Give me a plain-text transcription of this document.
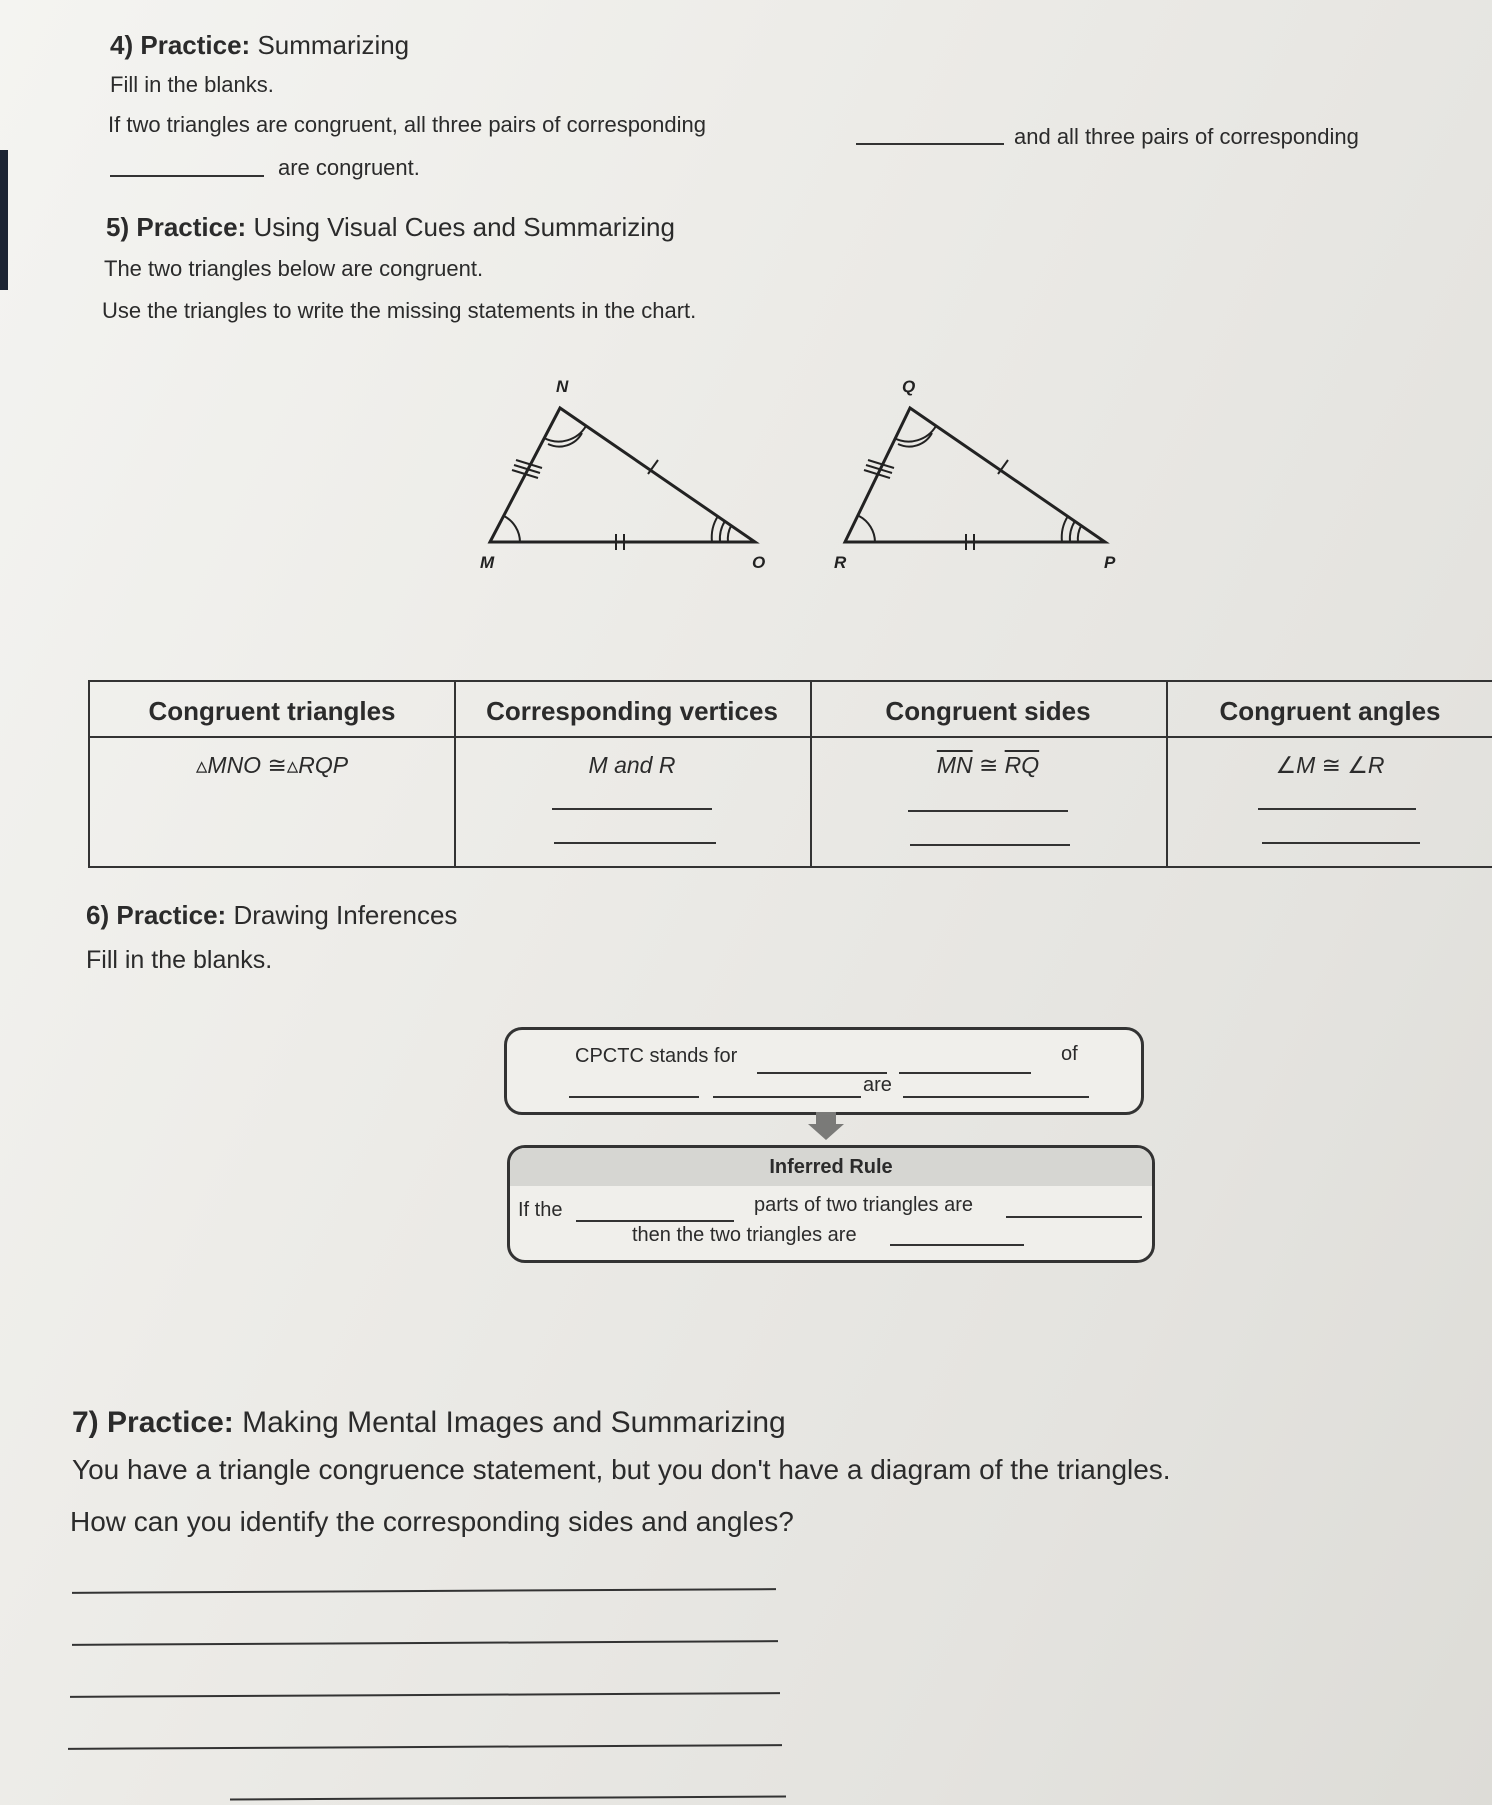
4) Practice: Summarizing
Fill in the blanks.
If two triangles are congruent, all three pairs of corresponding	and all three pairs of corresponding
are congruent.
5) Practice: Using Visual Cues and Summarizing
The two triangles below are congruent.
Use the triangles to write the missing statements in the chart.
N
M	O
Q
R	P
Congruent triangles	Corresponding vertices	Congruent sides	Congruent angles
▵MNO ≅▵RQP	M and R	$\overline{MN}$ ≅ $\overline{RQ}$	∠M ≅ ∠R
6) Practice: Drawing Inferences
Fill in the blanks.
CPCTC stands for	of
are
Inferred Rule
If the	parts of two triangles are
then the two triangles are
7) Practice: Making Mental Images and Summarizing
You have a triangle congruence statement, but you don't have a diagram of the triangles.
How can you identify the corresponding sides and angles?
